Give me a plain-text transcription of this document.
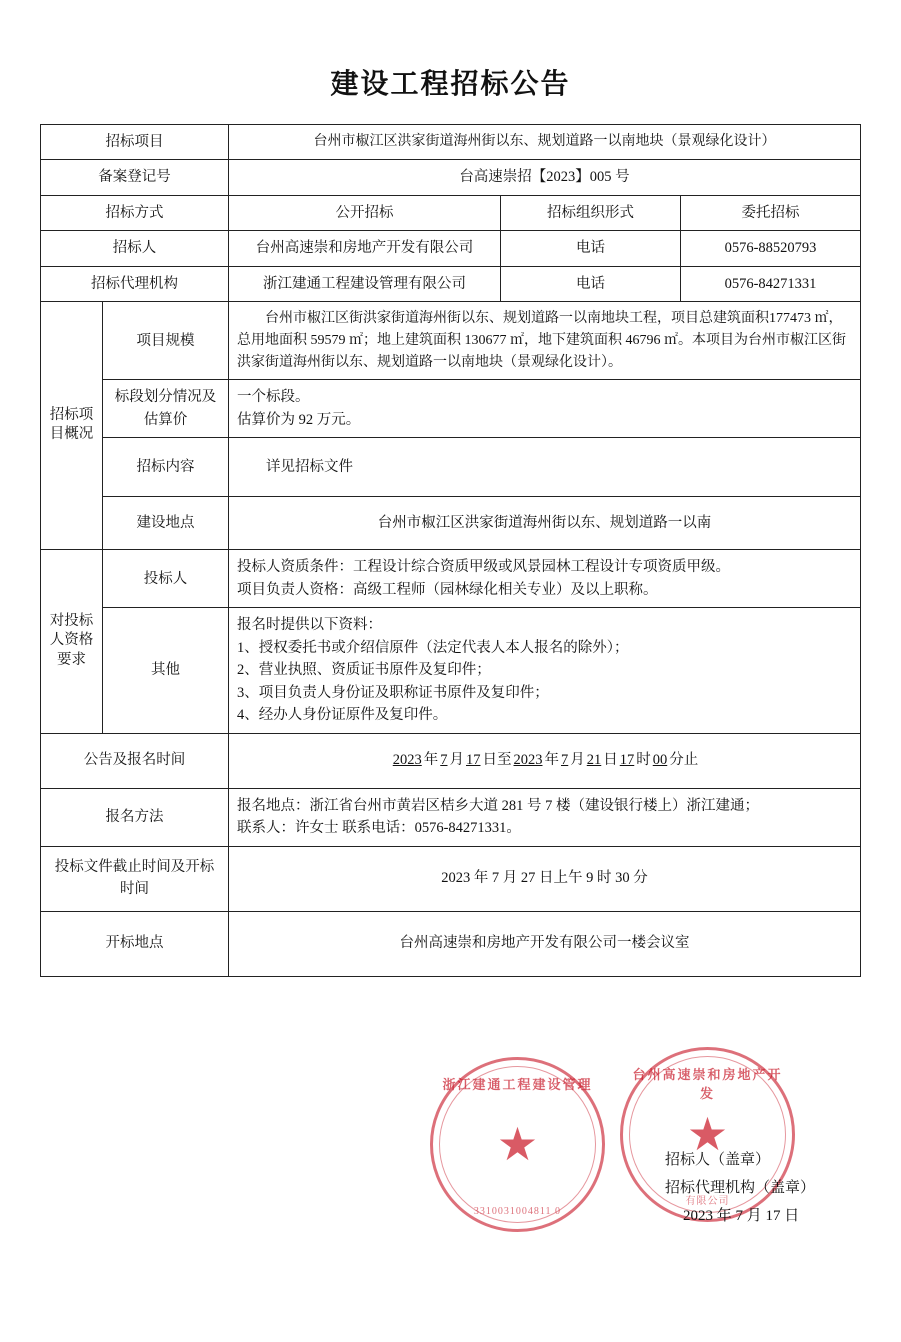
建设工程招标公告
招标项目		台州市椒江区洪家街道海州街以东、规划道路一以南地块（景观绿化设计）		
备案登记号		台高速崇招【2023】005 号		
招标方式		公开招标	招标组织形式	委托招标
招标人		台州高速崇和房地产开发有限公司	电话	0576-88520793
招标代理机构		浙江建通工程建设管理有限公司	电话	0576-84271331
招标项目概况	项目规模	台州市椒江区街洪家街道海州街以东、规划道路一以南地块工程，项目总建筑面积177473 ㎡，总用地面积 59579 ㎡；地上建筑面积 130677 ㎡，地下建筑面积 46796 ㎡。本项目为台州市椒江区街洪家街道海州街以东、规划道路一以南地块（景观绿化设计）。		
	标段划分情况及估算价	一个标段。
估算价为 92 万元。		

	招标内容	详见招标文件		
	建设地点	台州市椒江区洪家街道海州街以东、规划道路一以南		
对投标人资格要求	投标人	投标人资质条件：工程设计综合资质甲级或风景园林工程设计专项资质甲级。
项目负责人资格：高级工程师（园林绿化相关专业）及以上职称。		

	其他	报名时提供以下资料：
1、授权委托书或介绍信原件（法定代表人本人报名的除外）；
2、营业执照、资质证书原件及复印件；
3、项目负责人身份证及职称证书原件及复印件；
4、经办人身份证原件及复印件。		

公告及报名时间		2023 年 7 月 17 日至 2023 年 7 月 21 日 17 时 00 分止		
报名方法		报名地点：浙江省台州市黄岩区桔乡大道 281 号 7 楼（建设银行楼上）浙江建通；
联系人：许女士 联系电话：0576-84271331。		

投标文件截止时间及开标时间		2023 年 7 月 27 日上午 9 时 30 分		
开标地点		台州高速崇和房地产开发有限公司一楼会议室		
浙江建通工程建设管理
★
3310031004811 0
台州高速崇和房地产开发
★
有限公司
招标人（盖章）
招标代理机构（盖章）
2023 年 7 月 17 日
